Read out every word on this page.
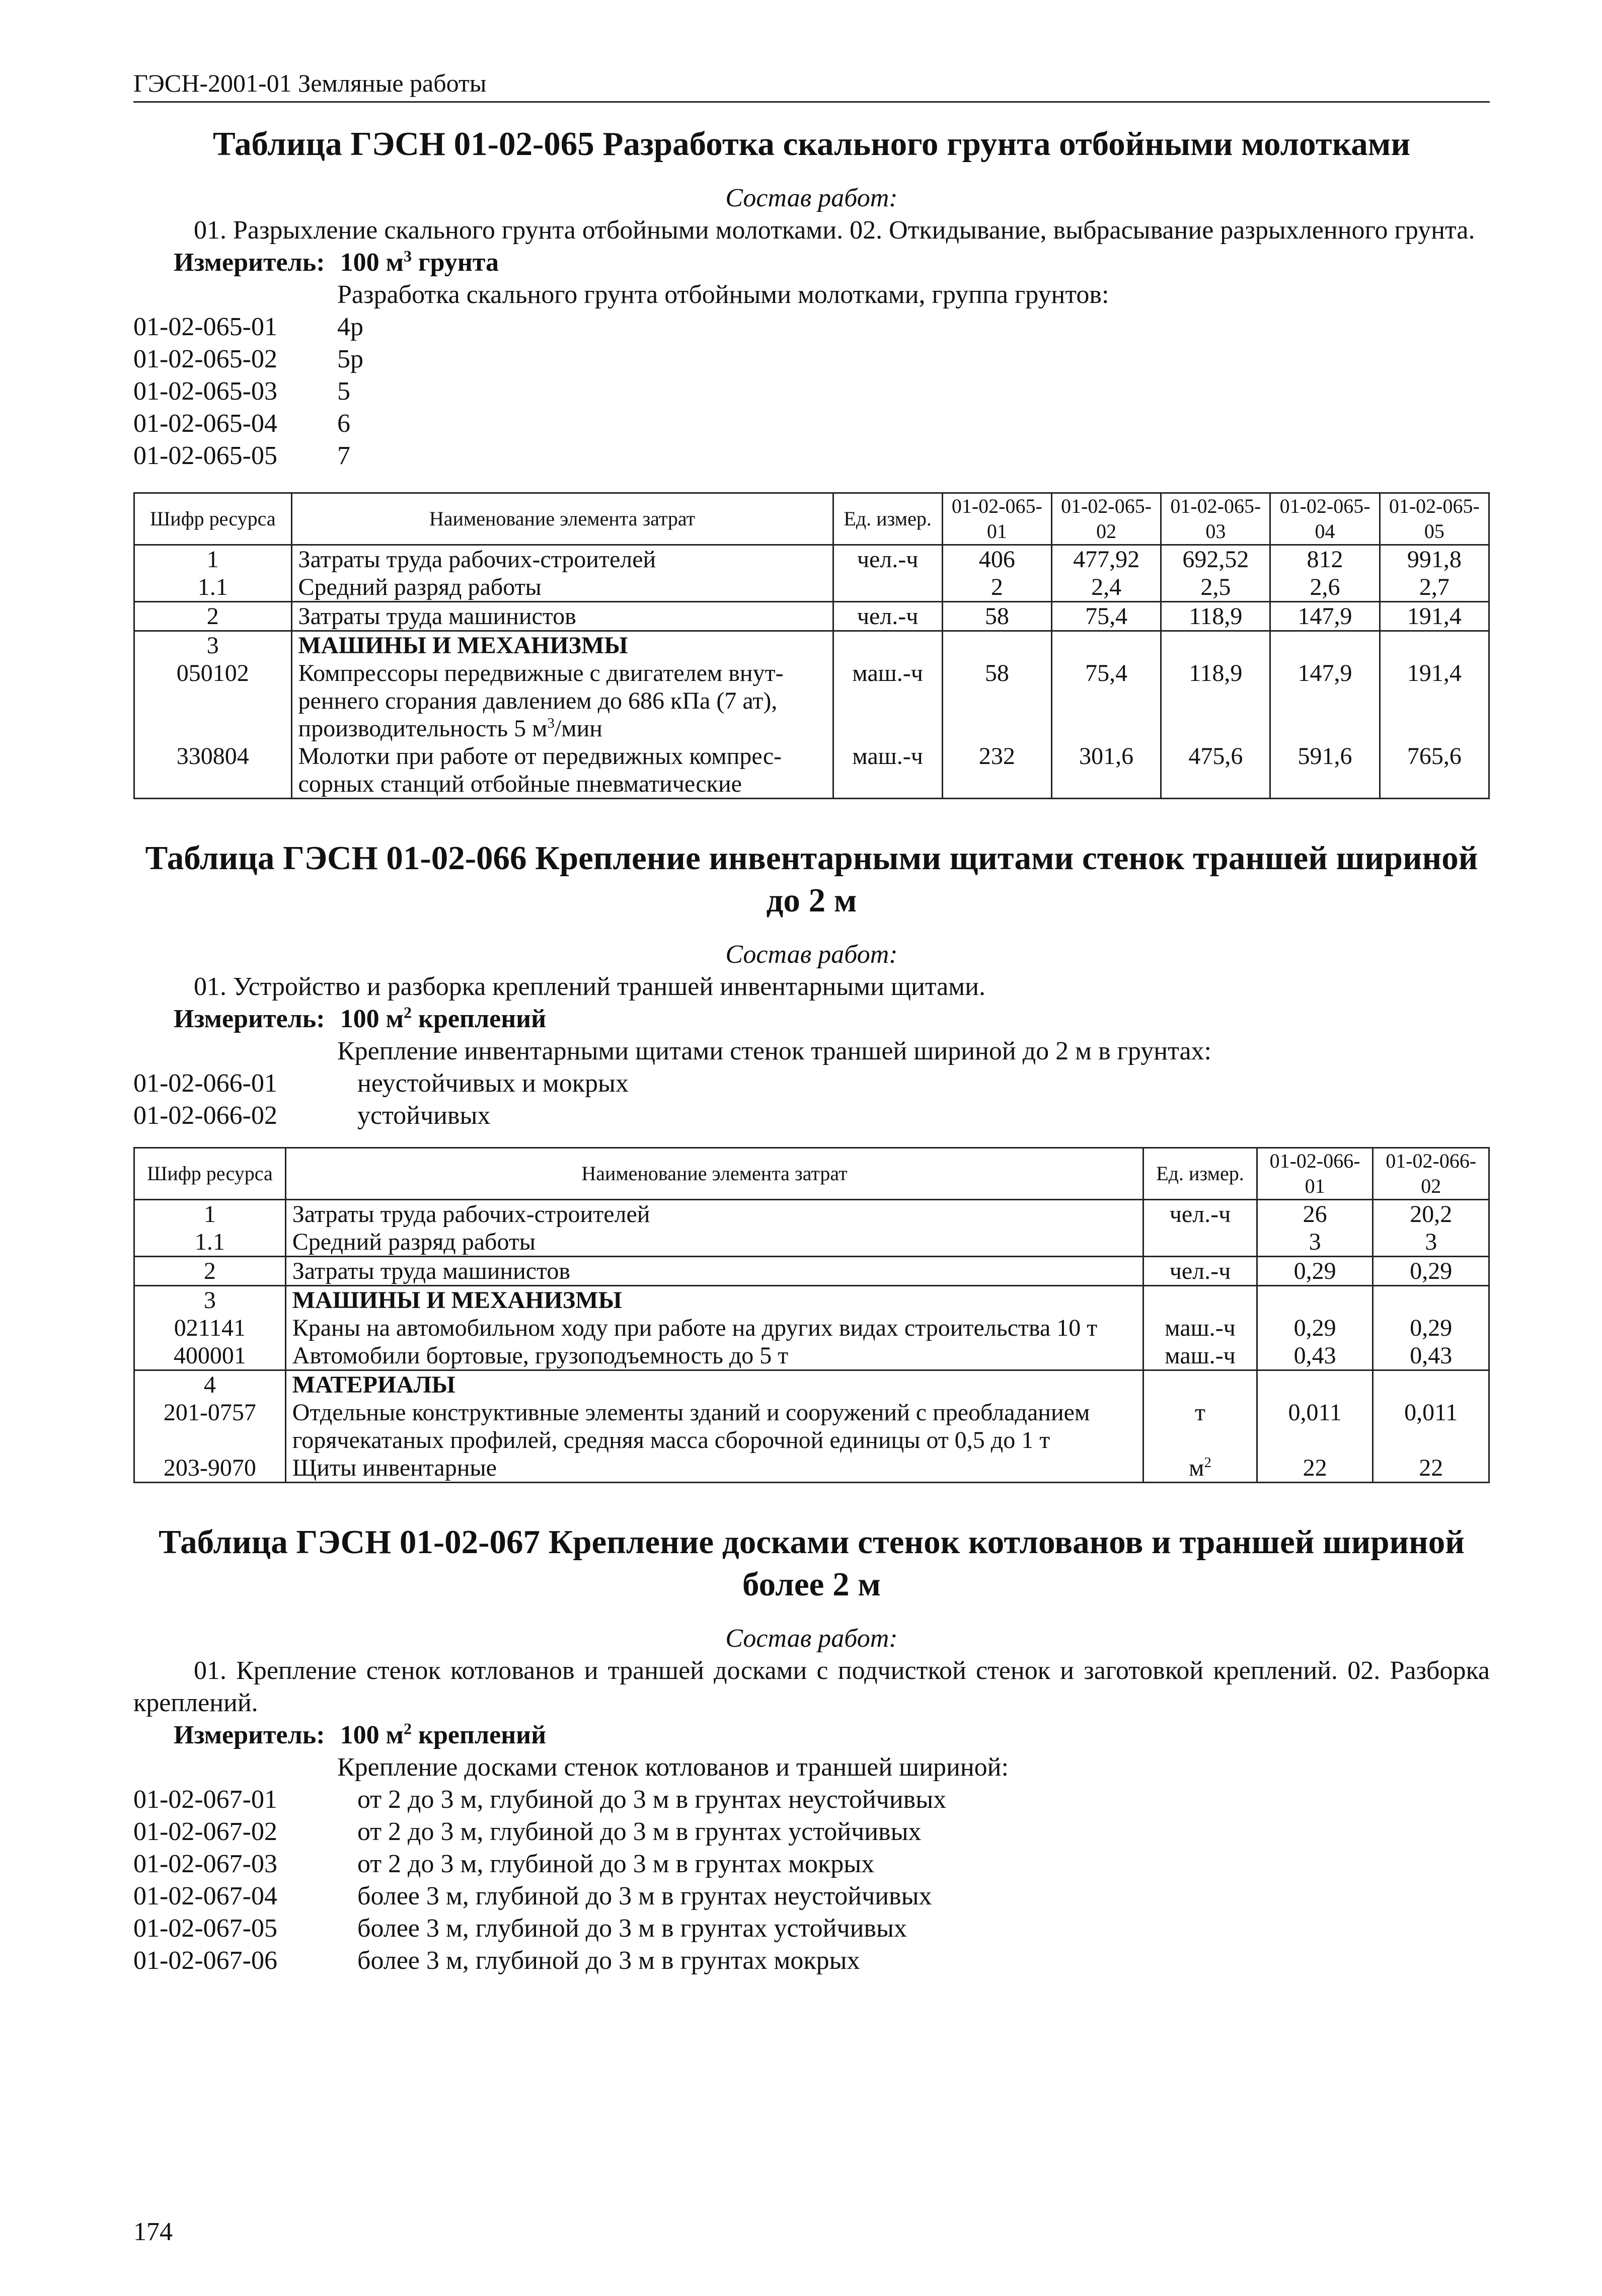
ГЭСН-2001-01 Земляные работы
Таблица ГЭСН 01-02-065 Разработка скального грунта отбойными молотками
Состав работ:
01. Разрыхление скального грунта отбойными молотками. 02. Откидывание, выбрасывание разрыхленного грунта.
Измеритель: 100 $м^3$ грунта
Разработка скального грунта отбойными молотками, группа грунтов:
01-02-065-01	4р
01-02-065-02	5р
01-02-065-03	5
01-02-065-04	6
01-02-065-05	7
Шифр ресурса	Наименование элемента затрат	Ед. измер.	01-02-065-01	01-02-065-02	01-02-065-03	01-02-065-04	01-02-065-05
1	Затраты труда рабочих-строителей	чел.-ч	406	477,92	692,52	812	991,8
1.1	Средний разряд работы		2	2,4	2,5	2,6	2,7
2	Затраты труда машинистов	чел.-ч	58	75,4	118,9	147,9	191,4
3	МАШИНЫ И МЕХАНИЗМЫ						
050102	Компрессоры передвижные с двигателем внут-
реннего сгорания давлением до 686 кПа (7 ат),
производительность 5 $м^3$/мин	маш.-ч	58	75,4	118,9	147,9	191,4
330804	Молотки при работе от передвижных компрес-
сорных станций отбойные пневматические	маш.-ч	232	301,6	475,6	591,6	765,6
Таблица ГЭСН 01-02-066 Крепление инвентарными щитами стенок траншей шириной
до 2 м
Состав работ:
01. Устройство и разборка креплений траншей инвентарными щитами.
Измеритель: 100 $м^2$ креплений
Крепление инвентарными щитами стенок траншей шириной до 2 м в грунтах:
01-02-066-01	неустойчивых и мокрых
01-02-066-02	устойчивых
Шифр ресурса	Наименование элемента затрат	Ед. измер.	01-02-066-01	01-02-066-02
1	Затраты труда рабочих-строителей	чел.-ч	26	20,2
1.1	Средний разряд работы		3	3
2	Затраты труда машинистов	чел.-ч	0,29	0,29
3	МАШИНЫ И МЕХАНИЗМЫ			
021141	Краны на автомобильном ходу при работе на других видах строительства 10 т	маш.-ч	0,29	0,29
400001	Автомобили бортовые, грузоподъемность до 5 т	маш.-ч	0,43	0,43
4	МАТЕРИАЛЫ			
201-0757	Отдельные конструктивные элементы зданий и сооружений с преобладанием
горячекатаных профилей, средняя масса сборочной единицы от 0,5 до 1 т	т	0,011	0,011
203-9070	Щиты инвентарные	$м^2$	22	22
Таблица ГЭСН 01-02-067 Крепление досками стенок котлованов и траншей шириной
более 2 м
Состав работ:
01. Крепление стенок котлованов и траншей досками с подчисткой стенок и заготовкой креплений. 02. Разборка креплений.
Измеритель: 100 $м^2$ креплений
Крепление досками стенок котлованов и траншей шириной:
01-02-067-01	от 2 до 3 м, глубиной до 3 м в грунтах неустойчивых
01-02-067-02	от 2 до 3 м, глубиной до 3 м в грунтах устойчивых
01-02-067-03	от 2 до 3 м, глубиной до 3 м в грунтах мокрых
01-02-067-04	более 3 м, глубиной до 3 м в грунтах неустойчивых
01-02-067-05	более 3 м, глубиной до 3 м в грунтах устойчивых
01-02-067-06	более 3 м, глубиной до 3 м в грунтах мокрых
174
